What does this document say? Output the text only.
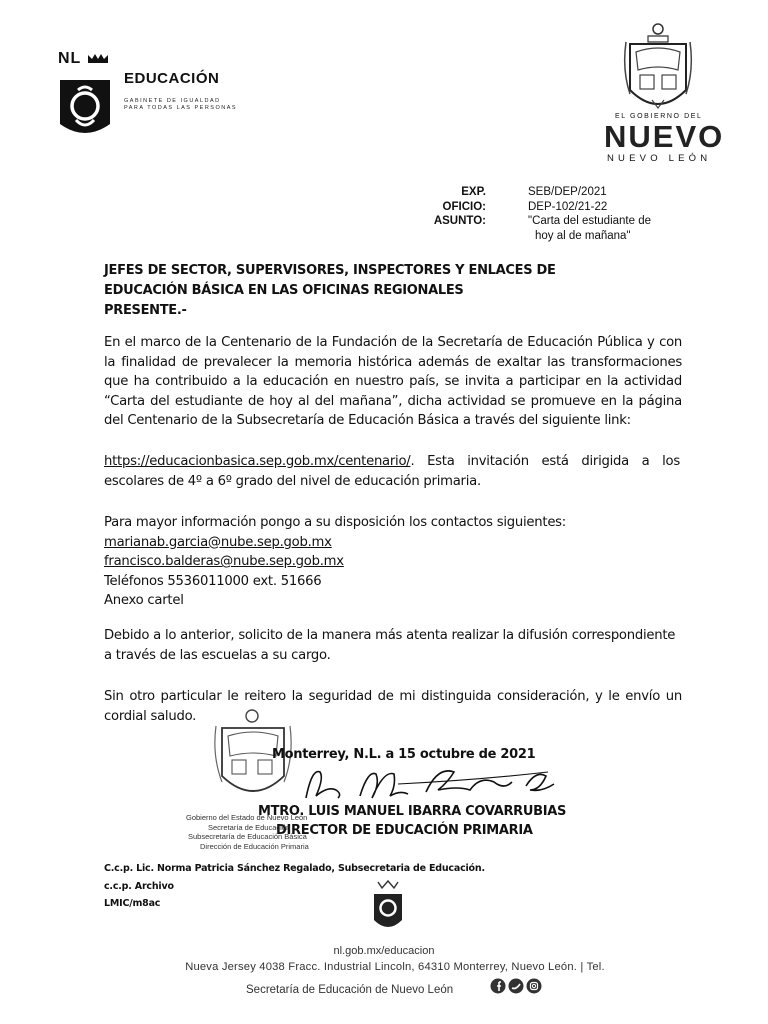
NL
EDUCACIÓN
GABINETE DE IGUALDAD
PARA TODAS LAS PERSONAS
EL GOBIERNO DEL
NUEVO
NUEVO LEÓN
EXP.
OFICIO:
ASUNTO:
SEB/DEP/2021
DEP-102/21-22
"Carta del estudiante de
hoy al de mañana"
JEFES DE SECTOR, SUPERVISORES, INSPECTORES Y ENLACES DE
EDUCACIÓN BÁSICA EN LAS OFICINAS REGIONALES
PRESENTE.-
En el marco de la Centenario de la Fundación de la Secretaría de Educación Pública y con la finalidad de prevalecer la memoria histórica además de exaltar las transformaciones que ha contribuido a la educación en nuestro país, se invita a participar en la actividad “Carta del estudiante de hoy al del mañana”, dicha actividad se promueve en la página del Centenario de la Subsecretaría de Educación Básica a través del siguiente link:
https://educacionbasica.sep.gob.mx/centenario/. Esta invitación está dirigida a los escolares de 4º a 6º grado del nivel de educación primaria.
Para mayor información pongo a su disposición los contactos siguientes:
marianab.garcia@nube.sep.gob.mx
francisco.balderas@nube.sep.gob.mx
Teléfonos 5536011000 ext. 51666
Anexo cartel
Debido a lo anterior, solicito de la manera más atenta realizar la difusión correspondiente a través de las escuelas a su cargo.
Sin otro particular le reitero la seguridad de mi distinguida consideración, y le envío un cordial saludo.
Monterrey, N.L. a 15 octubre de 2021
MTRO. LUIS MANUEL IBARRA COVARRUBIAS
DIRECTOR DE EDUCACIÓN PRIMARIA
Gobierno del Estado de Nuevo León
Secretaría de Educación
Subsecretaría de Educación Básica
Dirección de Educación Primaria
C.c.p. Lic. Norma Patricia Sánchez Regalado, Subsecretaria de Educación.
c.c.p. Archivo
LMIC/m8ac
nl.gob.mx/educacion
Nueva Jersey 4038 Fracc. Industrial Lincoln, 64310 Monterrey, Nuevo León. | Tel.
Secretaría de Educación de Nuevo León
